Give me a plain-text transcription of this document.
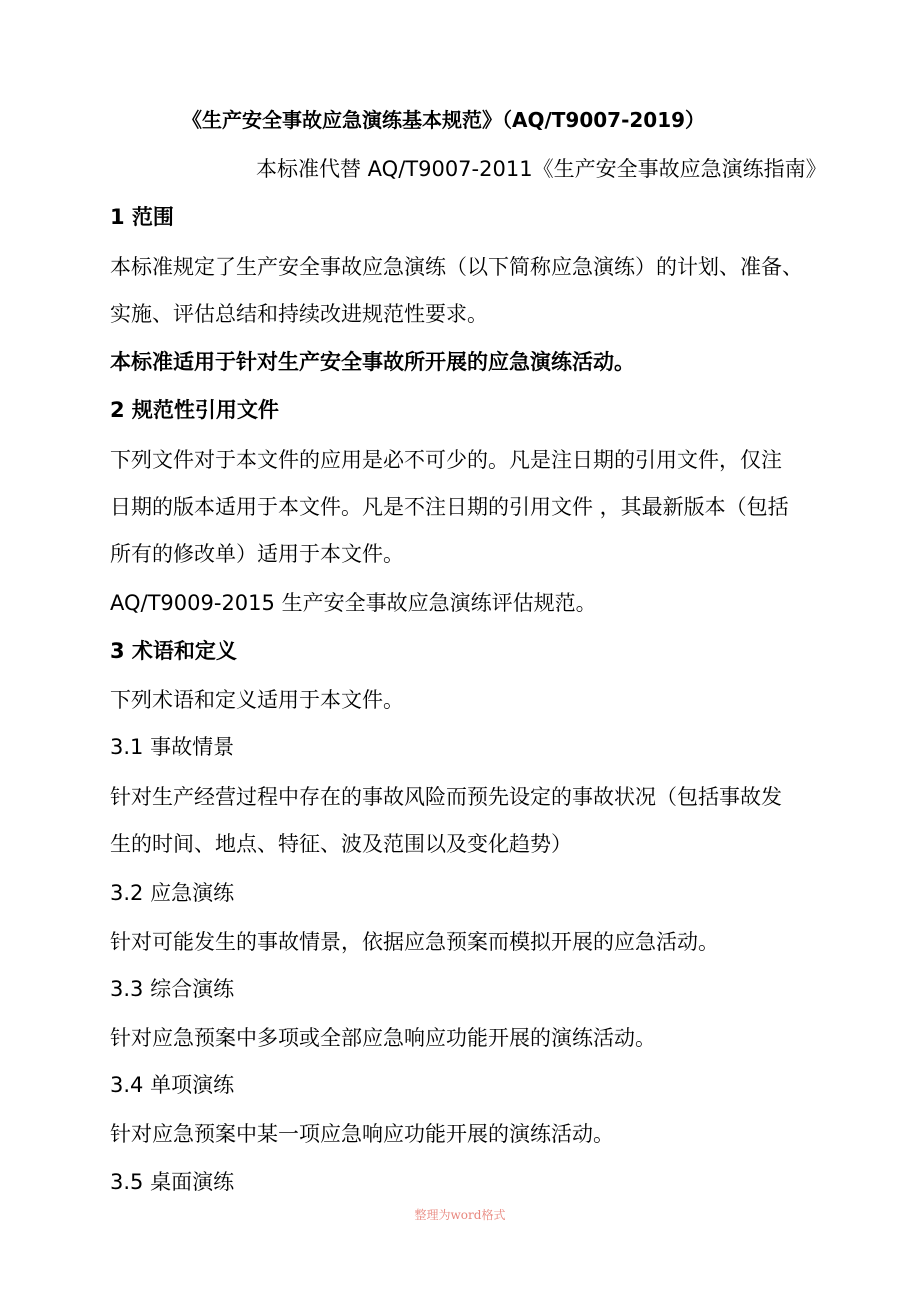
《生产安全事故应急演练基本规范》（AQ/T9007-2019）
本标准代替 AQ/T9007-2011《生产安全事故应急演练指南》
1 范围
本标准规定了生产安全事故应急演练（以下简称应急演练）的计划、准备、
实施、评估总结和持续改进规范性要求。
本标准适用于针对生产安全事故所开展的应急演练活动。
2 规范性引用文件
下列文件对于本文件的应用是必不可少的。凡是注日期的引用文件，仅注
日期的版本适用于本文件。凡是不注日期的引用文件 ，其最新版本（包括
所有的修改单）适用于本文件。
AQ/T9009-2015 生产安全事故应急演练评估规范。
3 术语和定义
下列术语和定义适用于本文件。
3.1 事故情景
针对生产经营过程中存在的事故风险而预先设定的事故状况（包括事故发
生的时间、地点、特征、波及范围以及变化趋势）
3.2 应急演练
针对可能发生的事故情景，依据应急预案而模拟开展的应急活动。
3.3 综合演练
针对应急预案中多项或全部应急响应功能开展的演练活动。
3.4 单项演练
针对应急预案中某一项应急响应功能开展的演练活动。
3.5 桌面演练
整理为word格式
